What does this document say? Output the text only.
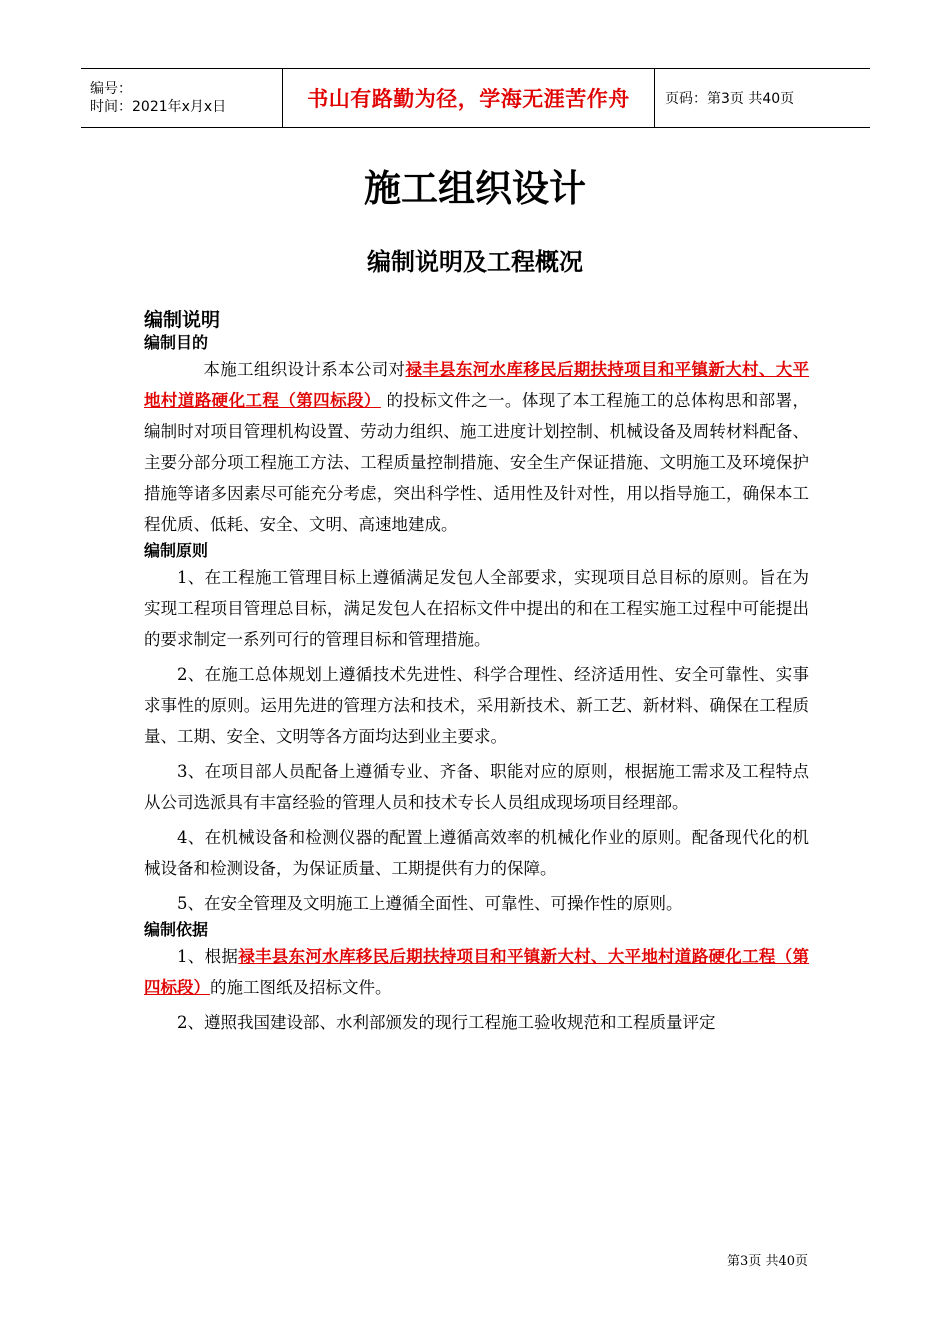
编号：
时间：2021年x月x日	书山有路勤为径，学海无涯苦作舟	页码：第3页 共40页
施工组织设计
编制说明及工程概况
编制说明
编制目的

本施工组织设计系本公司对禄丰县东河水库移民后期扶持项目和平镇新大村、大平地村道路硬化工程（第四标段） 的投标文件之一。体现了本工程施工的总体构思和部署，编制时对项目管理机构设置、劳动力组织、施工进度计划控制、机械设备及周转材料配备、主要分部分项工程施工方法、工程质量控制措施、安全生产保证措施、文明施工及环境保护措施等诸多因素尽可能充分考虑，突出科学性、适用性及针对性，用以指导施工，确保本工程优质、低耗、安全、文明、高速地建成。

编制原则

1、在工程施工管理目标上遵循满足发包人全部要求，实现项目总目标的原则。旨在为实现工程项目管理总目标，满足发包人在招标文件中提出的和在工程实施工过程中可能提出的要求制定一系列可行的管理目标和管理措施。

2、在施工总体规划上遵循技术先进性、科学合理性、经济适用性、安全可靠性、实事求事性的原则。运用先进的管理方法和技术，采用新技术、新工艺、新材料、确保在工程质量、工期、安全、文明等各方面均达到业主要求。

3、在项目部人员配备上遵循专业、齐备、职能对应的原则，根据施工需求及工程特点从公司选派具有丰富经验的管理人员和技术专长人员组成现场项目经理部。

4、在机械设备和检测仪器的配置上遵循高效率的机械化作业的原则。配备现代化的机械设备和检测设备，为保证质量、工期提供有力的保障。

5、在安全管理及文明施工上遵循全面性、可靠性、可操作性的原则。

编制依据

1、根据禄丰县东河水库移民后期扶持项目和平镇新大村、大平地村道路硬化工程（第四标段）的施工图纸及招标文件。

2、遵照我国建设部、水利部颁发的现行工程施工验收规范和工程质量评定

第3页 共40页
